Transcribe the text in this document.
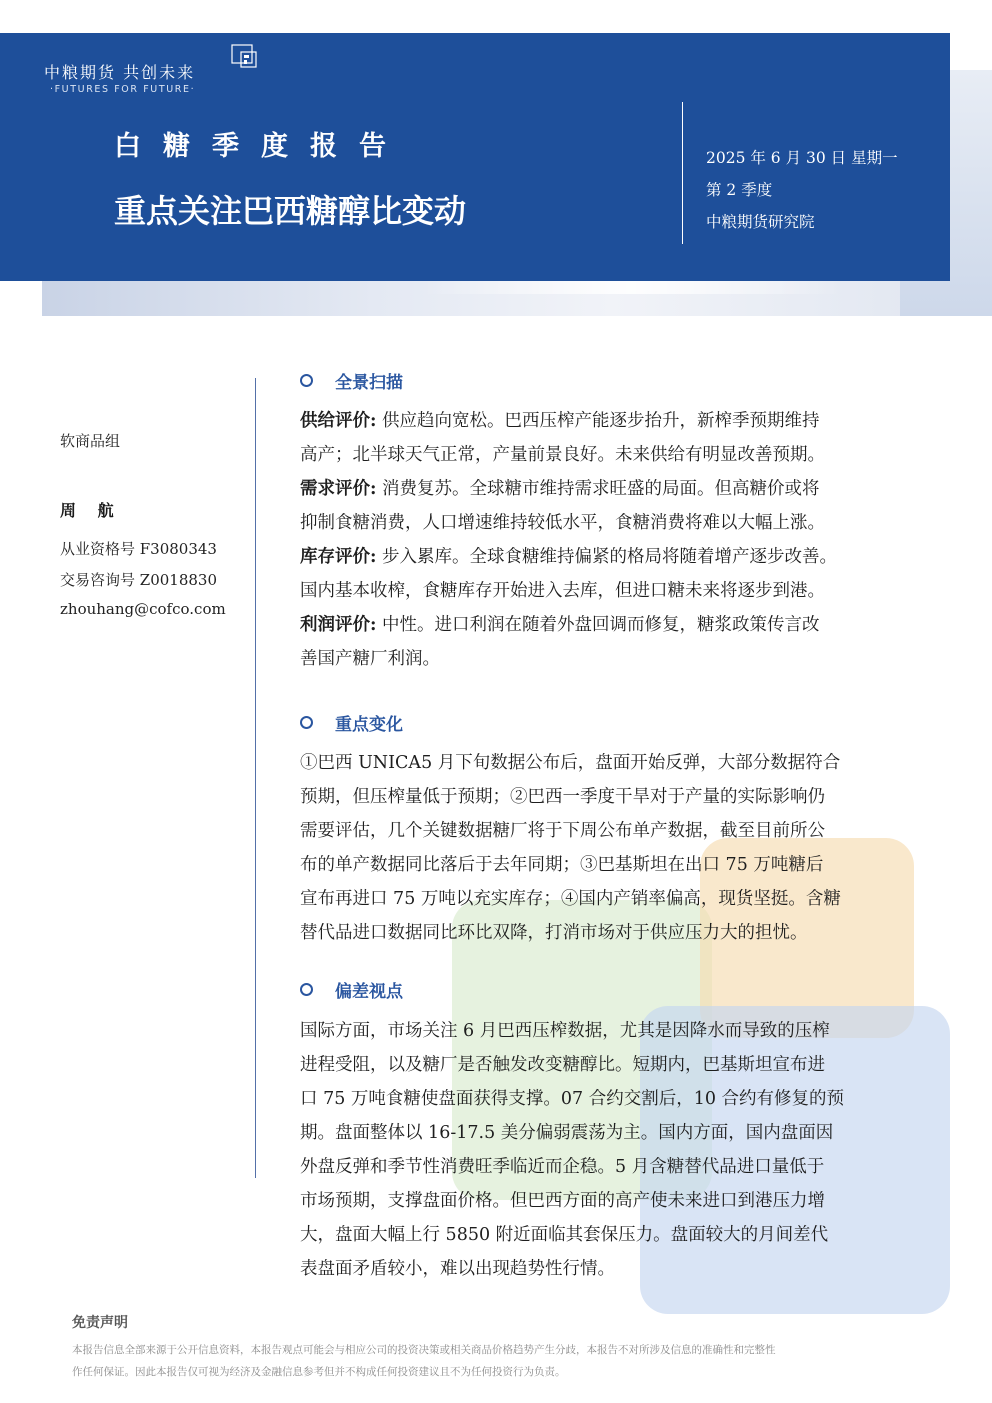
中粮期货 共创未来
·FUTURES FOR FUTURE·
白糖季度报告
重点关注巴西糖醇比变动
2025 年 6 月 30 日 星期一
第 2 季度
中粮期货研究院
软商品组
周 航
从业资格号 F3080343
交易咨询号 Z0018830
zhouhang@cofco.com
全景扫描
供给评价: 供应趋向宽松。巴西压榨产能逐步抬升，新榨季预期维持
高产；北半球天气正常，产量前景良好。未来供给有明显改善预期。
需求评价: 消费复苏。全球糖市维持需求旺盛的局面。但高糖价或将
抑制食糖消费，人口增速维持较低水平，食糖消费将难以大幅上涨。
库存评价: 步入累库。全球食糖维持偏紧的格局将随着增产逐步改善。
国内基本收榨，食糖库存开始进入去库，但进口糖未来将逐步到港。
利润评价: 中性。进口利润在随着外盘回调而修复，糖浆政策传言改
善国产糖厂利润。
重点变化
①巴西 UNICA5 月下旬数据公布后，盘面开始反弹，大部分数据符合
预期，但压榨量低于预期；②巴西一季度干旱对于产量的实际影响仍
需要评估，几个关键数据糖厂将于下周公布单产数据，截至目前所公
布的单产数据同比落后于去年同期；③巴基斯坦在出口 75 万吨糖后
宣布再进口 75 万吨以充实库存；④国内产销率偏高，现货坚挺。含糖
替代品进口数据同比环比双降，打消市场对于供应压力大的担忧。
偏差视点
国际方面，市场关注 6 月巴西压榨数据，尤其是因降水而导致的压榨
进程受阻，以及糖厂是否触发改变糖醇比。短期内，巴基斯坦宣布进
口 75 万吨食糖使盘面获得支撑。07 合约交割后，10 合约有修复的预
期。盘面整体以 16-17.5 美分偏弱震荡为主。国内方面，国内盘面因
外盘反弹和季节性消费旺季临近而企稳。5 月含糖替代品进口量低于
市场预期，支撑盘面价格。但巴西方面的高产使未来进口到港压力增
大，盘面大幅上行 5850 附近面临其套保压力。盘面较大的月间差代
表盘面矛盾较小，难以出现趋势性行情。
免责声明
本报告信息全部来源于公开信息资料，本报告观点可能会与相应公司的投资决策或相关商品价格趋势产生分歧，本报告不对所涉及信息的准确性和完整性
作任何保证。因此本报告仅可视为经济及金融信息参考但并不构成任何投资建议且不为任何投资行为负责。
